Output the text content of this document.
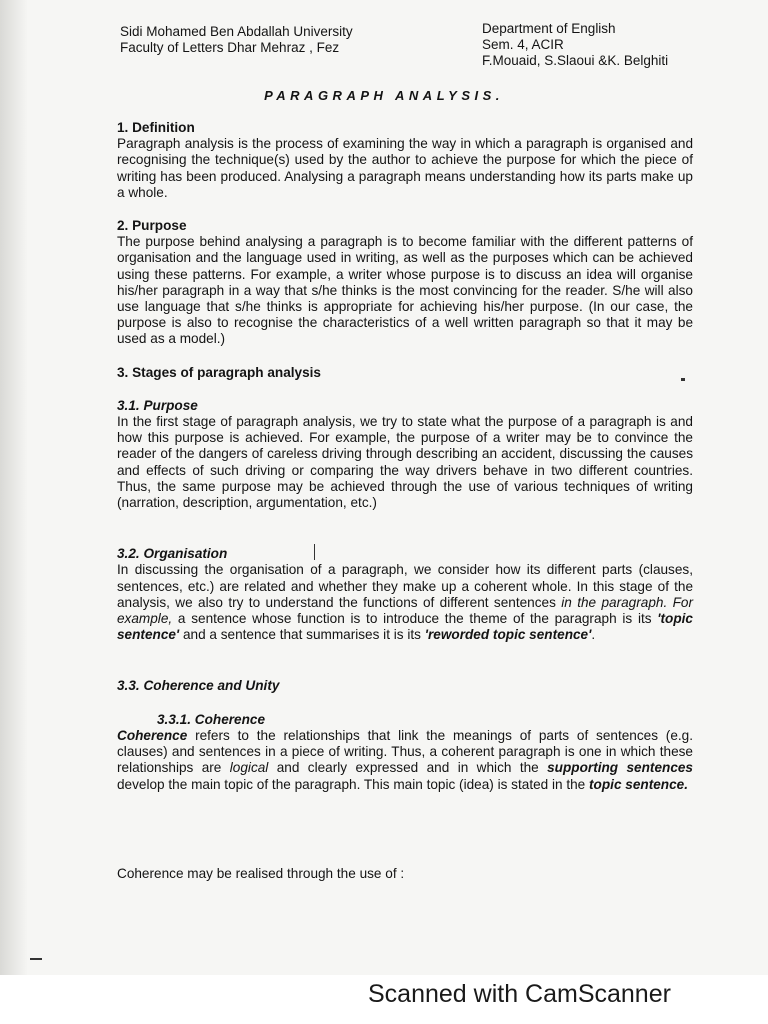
Sidi Mohamed Ben Abdallah University
Faculty of Letters Dhar Mehraz , Fez
Department of English
Sem. 4, ACIR
F.Mouaid, S.Slaoui &K. Belghiti
PARAGRAPH ANALYSIS.
1. Definition

Paragraph analysis is the process of examining the way in which a paragraph is organised and recognising the technique(s) used by the author to achieve the purpose for which the piece of writing has been produced. Analysing a paragraph means understanding how its parts make up a whole.

2. Purpose

The purpose behind analysing a paragraph is to become familiar with the different patterns of organisation and the language used in writing, as well as the purposes which can be achieved using these patterns. For example, a writer whose purpose is to discuss an idea will organise his/her paragraph in a way that s/he thinks is the most convincing for the reader. S/he will also use language that s/he thinks is appropriate for achieving his/her purpose. (In our case, the purpose is also to recognise the characteristics of a well written paragraph so that it may be used as a model.)

3. Stages of paragraph analysis
3.1. Purpose

In the first stage of paragraph analysis, we try to state what the purpose of a paragraph is and how this purpose is achieved. For example, the purpose of a writer may be to convince the reader of the dangers of careless driving through describing an accident, discussing the causes and effects of such driving or comparing the way drivers behave in two different countries. Thus, the same purpose may be achieved through the use of various techniques of writing (narration, description, argumentation, etc.)

3.2. Organisation

In discussing the organisation of a paragraph, we consider how its different parts (clauses, sentences, etc.) are related and whether they make up a coherent whole. In this stage of the analysis, we also try to understand the functions of different sentences in the paragraph. For example, a sentence whose function is to introduce the theme of the paragraph is its 'topic sentence' and a sentence that summarises it is its 'reworded topic sentence'.

3.3. Coherence and Unity
3.3.1. Coherence

Coherence refers to the relationships that link the meanings of parts of sentences (e.g. clauses) and sentences in a piece of writing. Thus, a coherent paragraph is one in which these relationships are logical and clearly expressed and in which the supporting sentences develop the main topic of the paragraph. This main topic (idea) is stated in the topic sentence.

Coherence may be realised through the use of :

Scanned with CamScanner
